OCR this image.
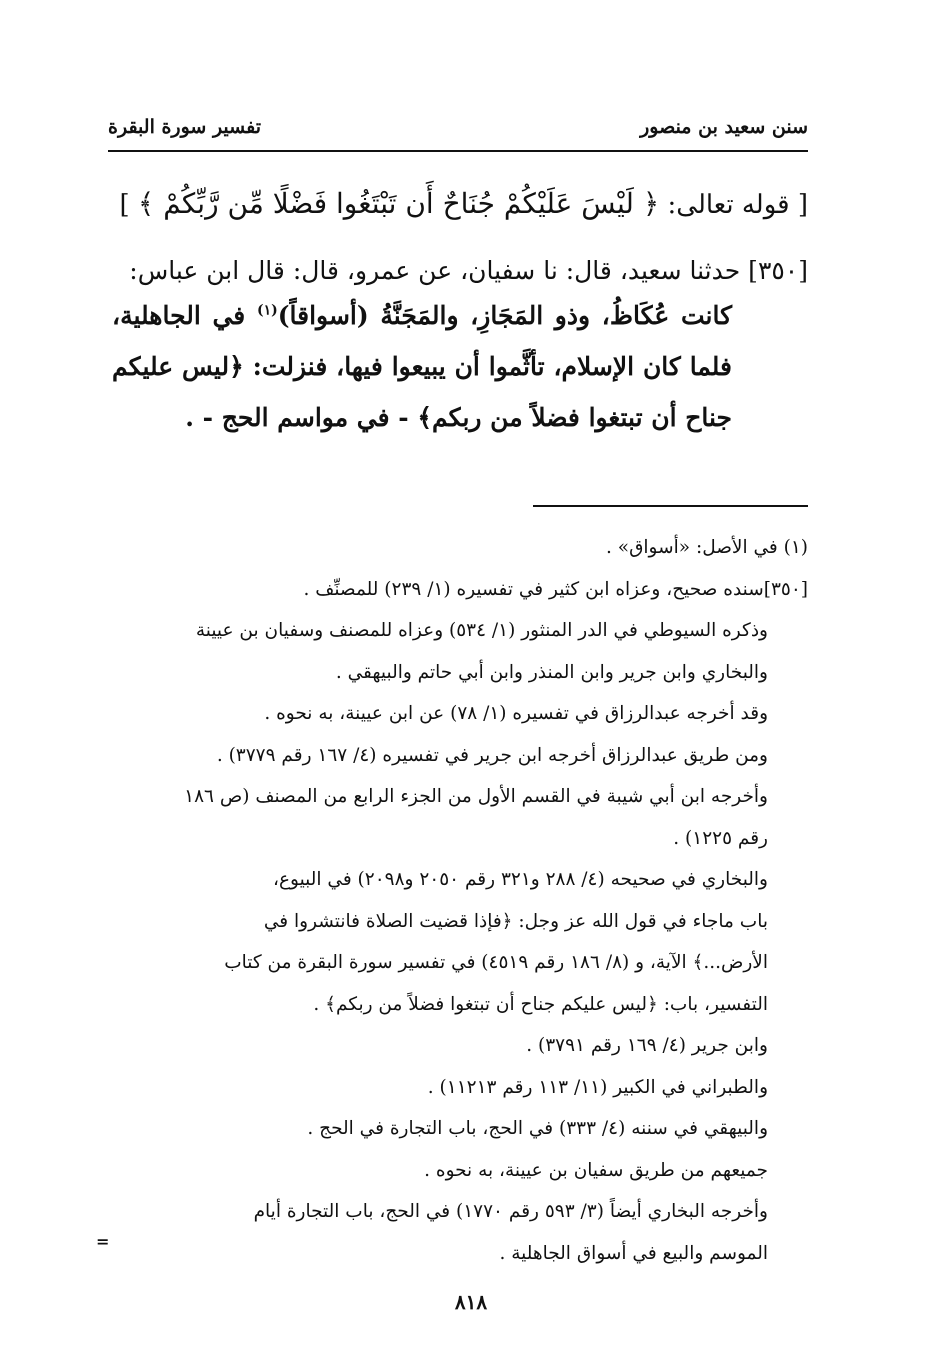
سنن سعيد بن منصور
تفسير سورة البقرة
[ قوله تعالى: ﴿ لَيْسَ عَلَيْكُمْ جُنَاحٌ أَن تَبْتَغُوا فَضْلًا مِّن رَّبِّكُمْ ﴾ ]
[٣٥٠] حدثنا سعيد، قال: نا سفيان، عن عمرو، قال: قال ابن عباس:
كانت عُكَاظُ، وذو المَجَازِ، والمَجَنَّةُ (أسواقاً)$^{(١)}$ في الجاهلية، فلما كان الإسلام، تأثَّموا أن يبيعوا فيها، فنزلت: ﴿ليس عليكم جناح أن تبتغوا فضلاً من ربكم﴾ - في مواسم الحج - .
(١) في الأصل: «أسواق» .
[٣٥٠]سنده صحيح، وعزاه ابن كثير في تفسيره (١/ ٢٣٩) للمصنِّف .
وذكره السيوطي في الدر المنثور (١/ ٥٣٤) وعزاه للمصنف وسفيان بن عيينة
والبخاري وابن جرير وابن المنذر وابن أبي حاتم والبيهقي .
وقد أخرجه عبدالرزاق في تفسيره (١/ ٧٨) عن ابن عيينة، به نحوه .
ومن طريق عبدالرزاق أخرجه ابن جرير في تفسيره (٤/ ١٦٧ رقم ٣٧٧٩) .
وأخرجه ابن أبي شيبة في القسم الأول من الجزء الرابع من المصنف (ص ١٨٦
رقم ١٢٢٥) .
والبخاري في صحيحه (٤/ ٢٨٨ و٣٢١ رقم ٢٠٥٠ و٢٠٩٨) في البيوع،
باب ماجاء في قول الله عز وجل: ﴿فإذا قضيت الصلاة فانتشروا في
الأرض...﴾ الآية، و (٨/ ١٨٦ رقم ٤٥١٩) في تفسير سورة البقرة من كتاب
التفسير، باب: ﴿ليس عليكم جناح أن تبتغوا فضلاً من ربكم﴾ .
وابن جرير (٤/ ١٦٩ رقم ٣٧٩١) .
والطبراني في الكبير (١١/ ١١٣ رقم ١١٢١٣) .
والبيهقي في سننه (٤/ ٣٣٣) في الحج، باب التجارة في الحج .
جميعهم من طريق سفيان بن عيينة، به نحوه .
وأخرجه البخاري أيضاً (٣/ ٥٩٣ رقم ١٧٧٠) في الحج، باب التجارة أيام
الموسم والبيع في أسواق الجاهلية .
=
٨١٨
